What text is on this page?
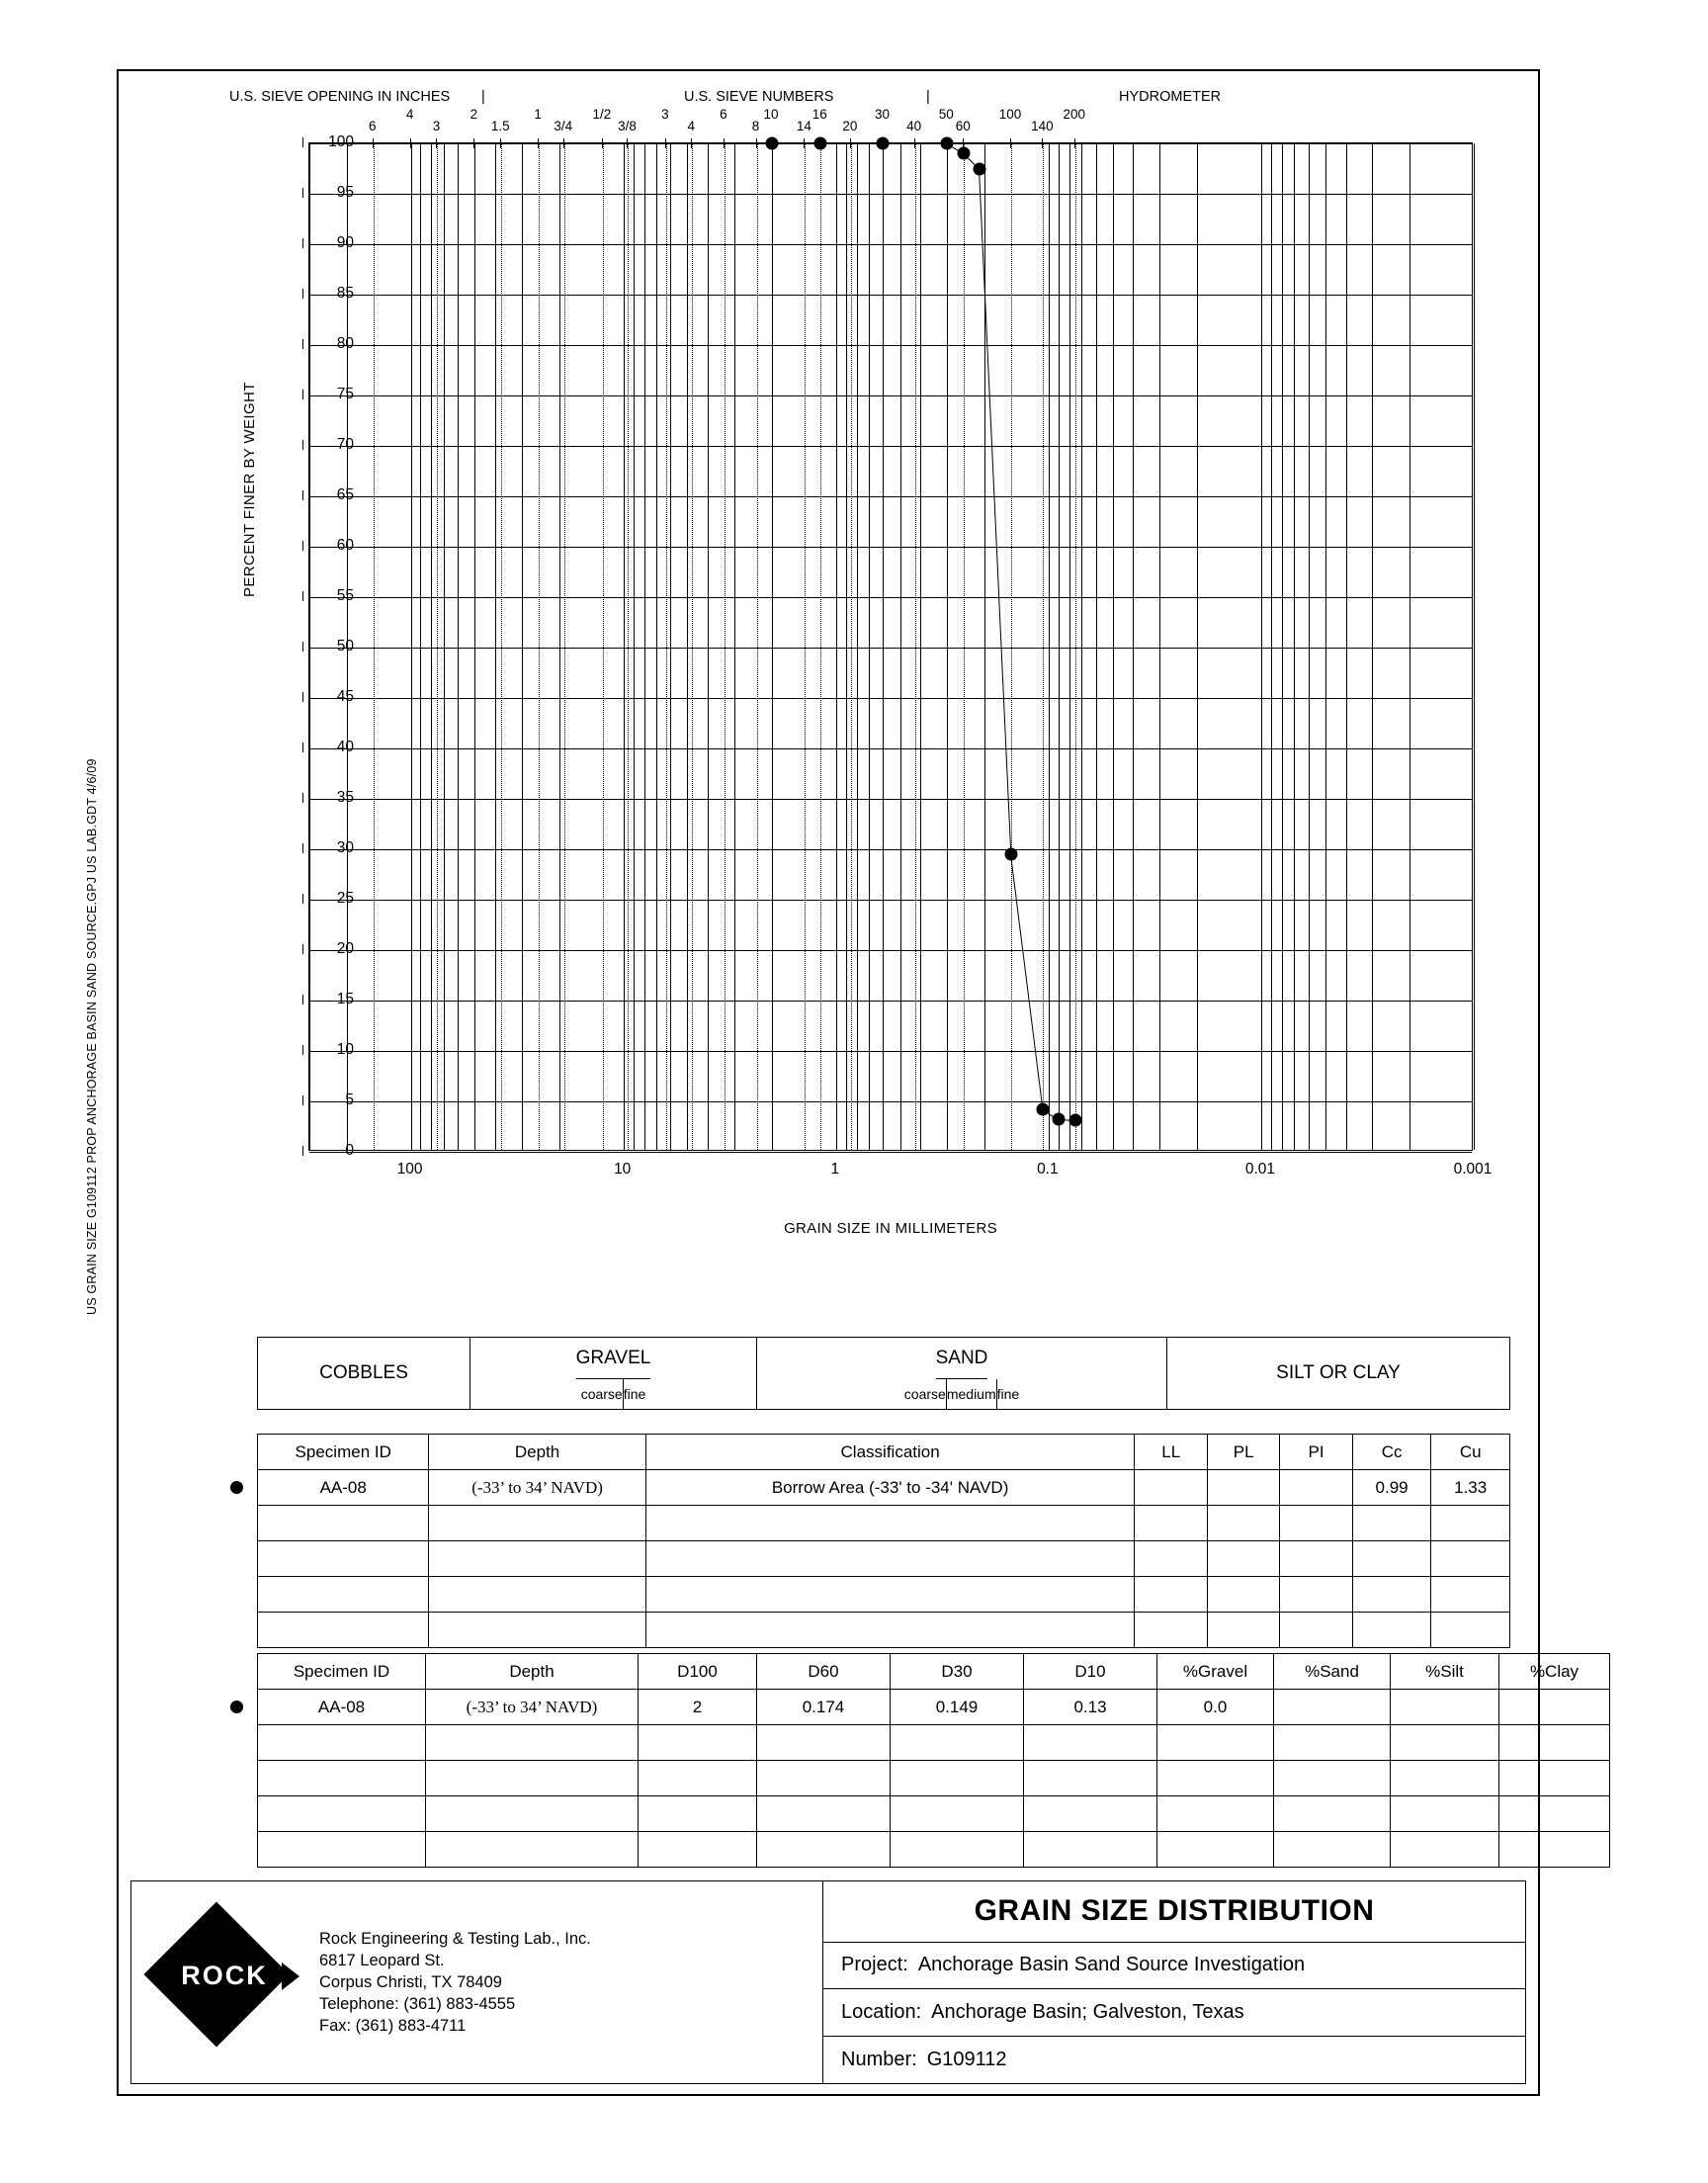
US GRAIN SIZE G109112 PROP ANCHORAGE BASIN SAND SOURCE.GPJ US LAB.GDT 4/6/09
U.S. SIEVE OPENING IN INCHES |	U.S. SIEVE NUMBERS	|	HYDROMETER
PERCENT FINER BY WEIGHT
0
5
10
15
20
25
30
35
40
45
50
55
60
65
70
75
80
85
90
95
100
100	10	1	0.1	0.01	0.001
6
4
3
2
1.5
1
3/4
1/2
3/8
3
4
6
8
10
14
16
20
30
40
50
60
100
140
200
GRAIN SIZE IN MILLIMETERS
COBBLES
GRAVEL
coarse fine
SAND
coarse medium fine
SILT OR CLAY
Specimen ID	Depth	Classification	LL	PL	PI	Cc	Cu

AA-08	(-33’ to 34’ NAVD)	Borrow Area (-33' to -34' NAVD)				0.99	1.33

Specimen ID	Depth	D100	D60	D30	D10	%Gravel	%Sand	%Silt	%Clay

AA-08	(-33’ to 34’ NAVD)	2	0.174	0.149	0.13	0.0			

ROCK
Rock Engineering & Testing Lab., Inc.
6817 Leopard St.
Corpus Christi, TX 78409
Telephone: (361) 883-4555
Fax: (361) 883-4711
GRAIN SIZE DISTRIBUTION
Project: Anchorage Basin Sand Source Investigation
Location: Anchorage Basin; Galveston, Texas
Number: G109112
